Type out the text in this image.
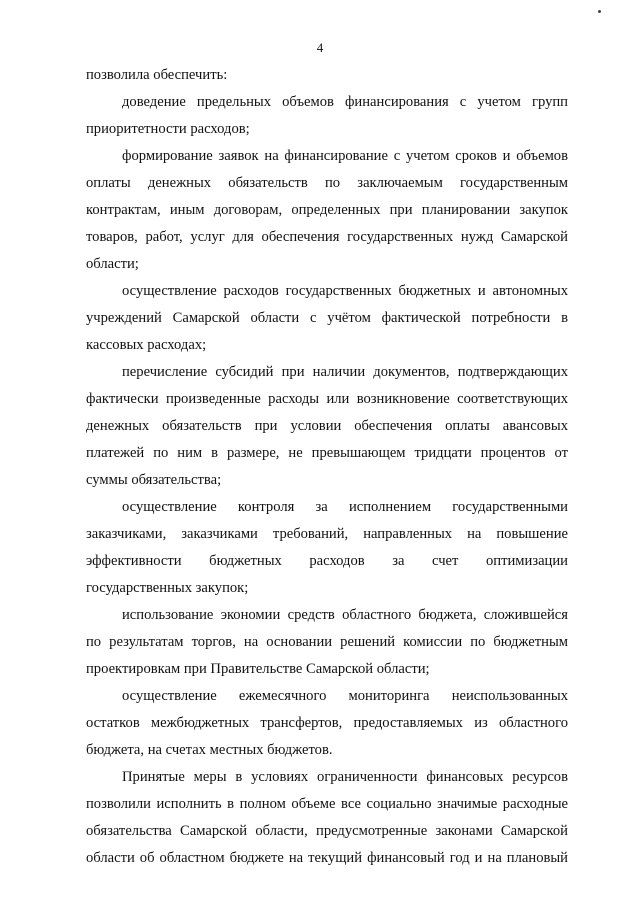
4
позволила обеспечить:
доведение предельных объемов финансирования с учетом групп
приоритетности расходов;
формирование заявок на финансирование с учетом сроков и объемов
оплаты денежных обязательств по заключаемым государственным
контрактам, иным договорам, определенных при планировании закупок
товаров, работ, услуг для обеспечения государственных нужд Самарской
области;
осуществление расходов государственных бюджетных и автономных
учреждений Самарской области с учётом фактической потребности в
кассовых расходах;
перечисление субсидий при наличии документов, подтверждающих
фактически произведенные расходы или возникновение соответствующих
денежных обязательств при условии обеспечения оплаты авансовых
платежей по ним в размере, не превышающем тридцати процентов от
суммы обязательства;
осуществление контроля за исполнением государственными
заказчиками, заказчиками требований, направленных на повышение
эффективности бюджетных расходов за счет оптимизации
государственных закупок;
использование экономии средств областного бюджета, сложившейся
по результатам торгов, на основании решений комиссии по бюджетным
проектировкам при Правительстве Самарской области;
осуществление ежемесячного мониторинга неиспользованных
остатков межбюджетных трансфертов, предоставляемых из областного
бюджета, на счетах местных бюджетов.
Принятые меры в условиях ограниченности финансовых ресурсов
позволили исполнить в полном объеме все социально значимые расходные
обязательства Самарской области, предусмотренные законами Самарской
области об областном бюджете на текущий финансовый год и на плановый
